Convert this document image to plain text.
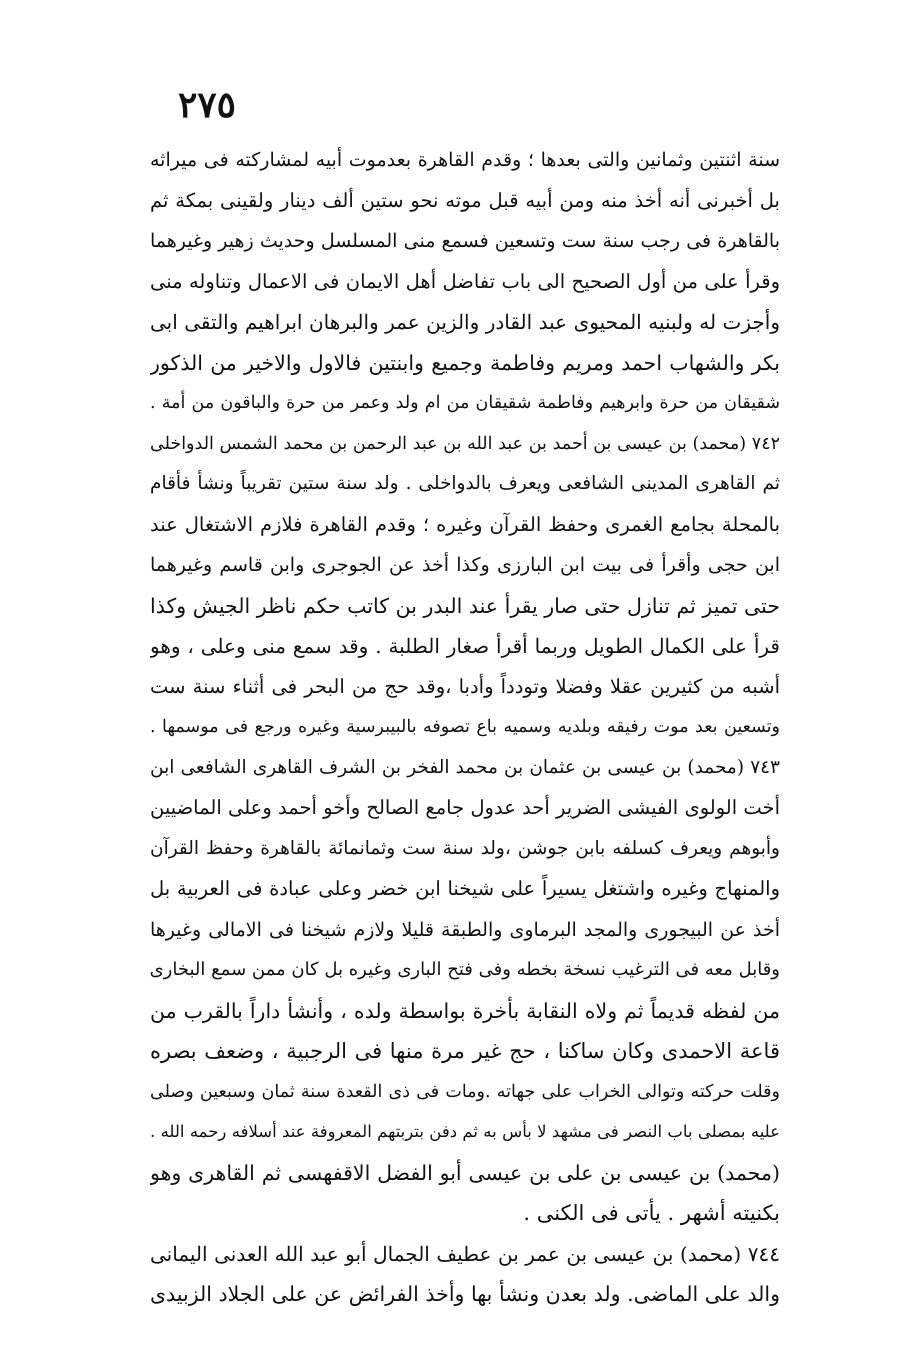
٢٧٥
سنة اثنتين وثمانين والتى بعدها ؛ وقدم القاهرة بعدموت أبيه لمشاركته فى ميراثه
بل أخبرنى أنه أخذ منه ومن أبيه قبل موته نحو ستين ألف دينار ولقينى بمكة ثم
بالقاهرة فى رجب سنة ست وتسعين فسمع منى المسلسل وحديث زهير وغيرهما
وقرأ على من أول الصحيح الى باب تفاضل أهل الايمان فى الاعمال وتناوله منى
وأجزت له ولبنيه المحيوى عبد القادر والزين عمر والبرهان ابراهيم والتقى ابى
بكر والشهاب احمد ومريم وفاطمة وجميع وابنتين فالاول والاخير من الذكور
شقيقان من حرة وابرهيم وفاطمة شقيقان من ام ولد وعمر من حرة والباقون من أمة .
٧٤٢ (محمد) بن عيسى بن أحمد بن عبد الله بن عبد الرحمن بن محمد الشمس الدواخلى
ثم القاهرى المدينى الشافعى ويعرف بالدواخلى . ولد سنة ستين تقريباً ونشأ فأقام
بالمحلة بجامع الغمرى وحفظ القرآن وغيره ؛ وقدم القاهرة فلازم الاشتغال عند
ابن حجى وأقرأ فى بيت ابن البارزى وكذا أخذ عن الجوجرى وابن قاسم وغيرهما
حتى تميز ثم تنازل حتى صار يقرأ عند البدر بن كاتب حكم ناظر الجيش وكذا
قرأ على الكمال الطويل وربما أقرأ صغار الطلبة . وقد سمع منى وعلى ، وهو
أشبه من كثيرين عقلا وفضلا وتودداً وأدبا ،وقد حج من البحر فى أثناء سنة ست
وتسعين بعد موت رفيقه وبلديه وسميه باع تصوفه بالبيبرسية وغيره ورجع فى موسمها .
٧٤٣ (محمد) بن عيسى بن عثمان بن محمد الفخر بن الشرف القاهرى الشافعى ابن
أخت الولوى الفيشى الضرير أحد عدول جامع الصالح وأخو أحمد وعلى الماضيين
وأبوهم ويعرف كسلفه بابن جوشن ،ولد سنة ست وثمانمائة بالقاهرة وحفظ القرآن
والمنهاج وغيره واشتغل يسيراً على شيخنا ابن خضر وعلى عبادة فى العربية بل
أخذ عن البيجورى والمجد البرماوى والطبقة قليلا ولازم شيخنا فى الامالى وغيرها
وقابل معه فى الترغيب نسخة بخطه وفى فتح البارى وغيره بل كان ممن سمع البخارى
من لفظه قديماً ثم ولاه النقابة بأخرة بواسطة ولده ، وأنشأ داراً بالقرب من
قاعة الاحمدى وكان ساكنا ، حج غير مرة منها فى الرجبية ، وضعف بصره
وقلت حركته وتوالى الخراب على جهاته .ومات فى ذى القعدة سنة ثمان وسبعين وصلى
عليه بمصلى باب النصر فى مشهد لا بأس به ثم دفن بتربتهم المعروفة عند أسلافه رحمه الله .
(محمد) بن عيسى بن على بن عيسى أبو الفضل الاقفهسى ثم القاهرى وهو
بكنيته أشهر . يأتى فى الكنى .
٧٤٤ (محمد) بن عيسى بن عمر بن عطيف الجمال أبو عبد الله العدنى اليمانى
والد على الماضى. ولد بعدن ونشأ بها وأخذ الفرائض عن على الجلاد الزبيدى
